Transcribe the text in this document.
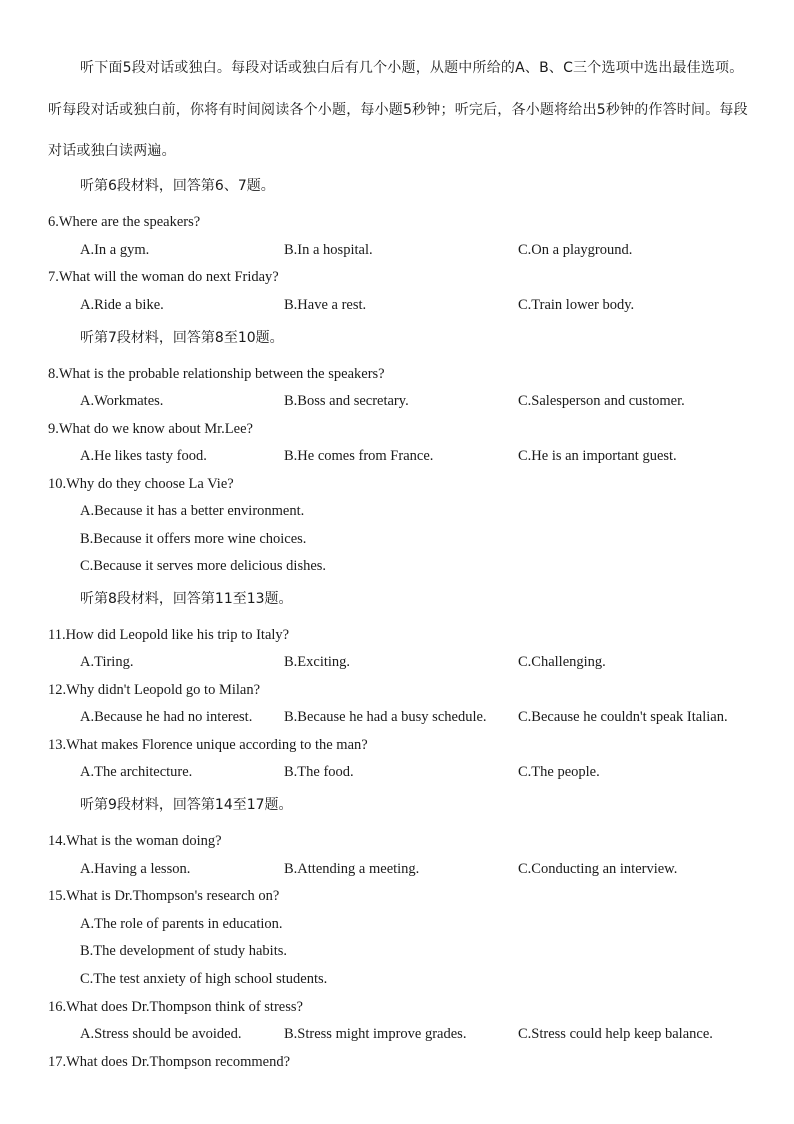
听下面5段对话或独白。每段对话或独白后有几个小题，从题中所给的A、B、C三个选项中选出最佳选项。听每段对话或独白前，你将有时间阅读各个小题，每小题5秒钟；听完后，各小题将给出5秒钟的作答时间。每段对话或独白读两遍。
听第6段材料，回答第6、7题。
6.Where are the speakers?
A.In a gym.	B.In a hospital.	C.On a playground.
7.What will the woman do next Friday?
A.Ride a bike.	B.Have a rest.	C.Train lower body.
听第7段材料，回答第8至10题。
8.What is the probable relationship between the speakers?
A.Workmates.	B.Boss and secretary.	C.Salesperson and customer.
9.What do we know about Mr.Lee?
A.He likes tasty food.	B.He comes from France.	C.He is an important guest.
10.Why do they choose La Vie?
A.Because it has a better environment.
B.Because it offers more wine choices.
C.Because it serves more delicious dishes.
听第8段材料，回答第11至13题。
11.How did Leopold like his trip to Italy?
A.Tiring.	B.Exciting.	C.Challenging.
12.Why didn't Leopold go to Milan?
A.Because he had no interest. B.Because he had a busy schedule. C.Because he couldn't speak Italian.
13.What makes Florence unique according to the man?
A.The architecture.	B.The food.	C.The people.
听第9段材料，回答第14至17题。
14.What is the woman doing?
A.Having a lesson.	B.Attending a meeting.	C.Conducting an interview.
15.What is Dr.Thompson's research on?
A.The role of parents in education.
B.The development of study habits.
C.The test anxiety of high school students.
16.What does Dr.Thompson think of stress?
A.Stress should be avoided.	B.Stress might improve grades.	C.Stress could help keep balance.
17.What does Dr.Thompson recommend?
